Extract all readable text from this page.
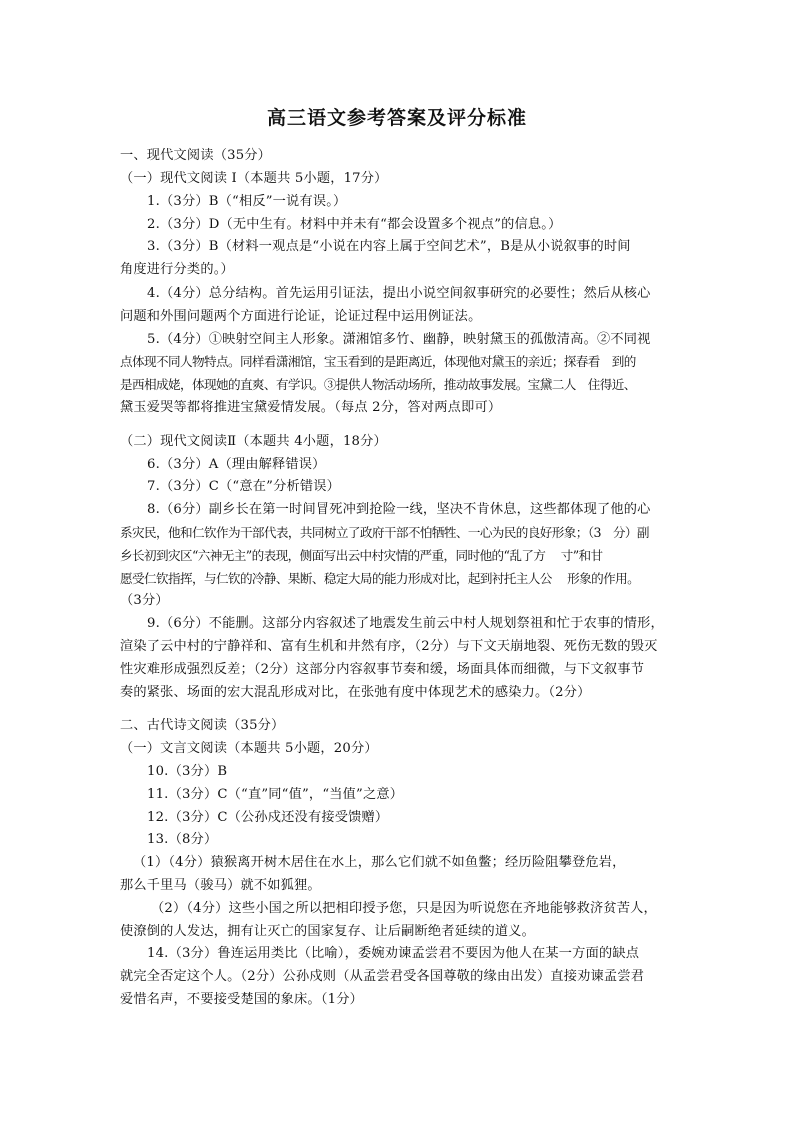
高三语文参考答案及评分标准
一、现代文阅读（35分）
（一）现代文阅读 I（本题共 5小题，17分）
1.（3分）B（“相反”一说有误。）
2.（3分）D（无中生有。材料中并未有“都会设置多个视点”的信息。）
3.（3分）B（材料一观点是“小说在内容上属于空间艺术”，B是从小说叙事的时间
角度进行分类的。）
4.（4分）总分结构。首先运用引证法，提出小说空间叙事研究的必要性；然后从核心
问题和外围问题两个方面进行论证，论证过程中运用例证法。
5.（4分）①映射空间主人形象。潇湘馆多竹、幽静，映射黛玉的孤傲清高。②不同视
点体现不同人物特点。同样看潇湘馆，宝玉看到的是距离近，体现他对黛玉的亲近；探春看　到的
是西相成姥，体现她的直爽、有学识。③提供人物活动场所，推动故事发展。宝黛二人　住得近、
黛玉爱哭等都将推进宝黛爱情发展。（每点 2分，答对两点即可）
（二）现代文阅读Ⅱ（本题共 4小题，18分）
6.（3分）A（理由解释错误）
7.（3分）C（“意在”分析错误）
8.（6分）副乡长在第一时间冒死冲到抢险一线，坚决不肯休息，这些都体现了他的心
系灾民，他和仁钦作为干部代表，共同树立了政府干部不怕牺牲、一心为民的良好形象；（3　分）副
乡长初到灾区“六神无主”的表现，侧面写出云中村灾情的严重，同时他的“乱了方　 寸”和甘
愿受仁钦指挥，与仁钦的冷静、果断、稳定大局的能力形成对比，起到衬托主人公　 形象的作用。
（3分）
9.（6分）不能删。这部分内容叙述了地震发生前云中村人规划祭祖和忙于农事的情形，
渲染了云中村的宁静祥和、富有生机和井然有序，（2分）与下文天崩地裂、死伤无数的毁灭
性灾难形成强烈反差；（2分）这部分内容叙事节奏和缓，场面具体而细微，与下文叙事节
奏的紧张、场面的宏大混乱形成对比，在张弛有度中体现艺术的感染力。（2分）
二、古代诗文阅读（35分）
（一）文言文阅读（本题共 5小题，20分）
10.（3分）B
11.（3分）C（“直”同“值”，“当值”之意）
12.（3分）C（公孙戍还没有接受馈赠）
13.（8分）
（1）（4分）猿猴离开树木居住在水上，那么它们就不如鱼鳖；经历险阻攀登危岩，
那么千里马（骏马）就不如狐狸。
（2）（4分）这些小国之所以把相印授予您，只是因为听说您在齐地能够救济贫苦人，
使潦倒的人发达，拥有让灭亡的国家复存、让后嗣断绝者延续的道义。
14.（3分）鲁连运用类比（比喻），委婉劝谏孟尝君不要因为他人在某一方面的缺点
就完全否定这个人。（2分）公孙戍则（从孟尝君受各国尊敬的缘由出发）直接劝谏孟尝君
爱惜名声，不要接受楚国的象床。（1分）
